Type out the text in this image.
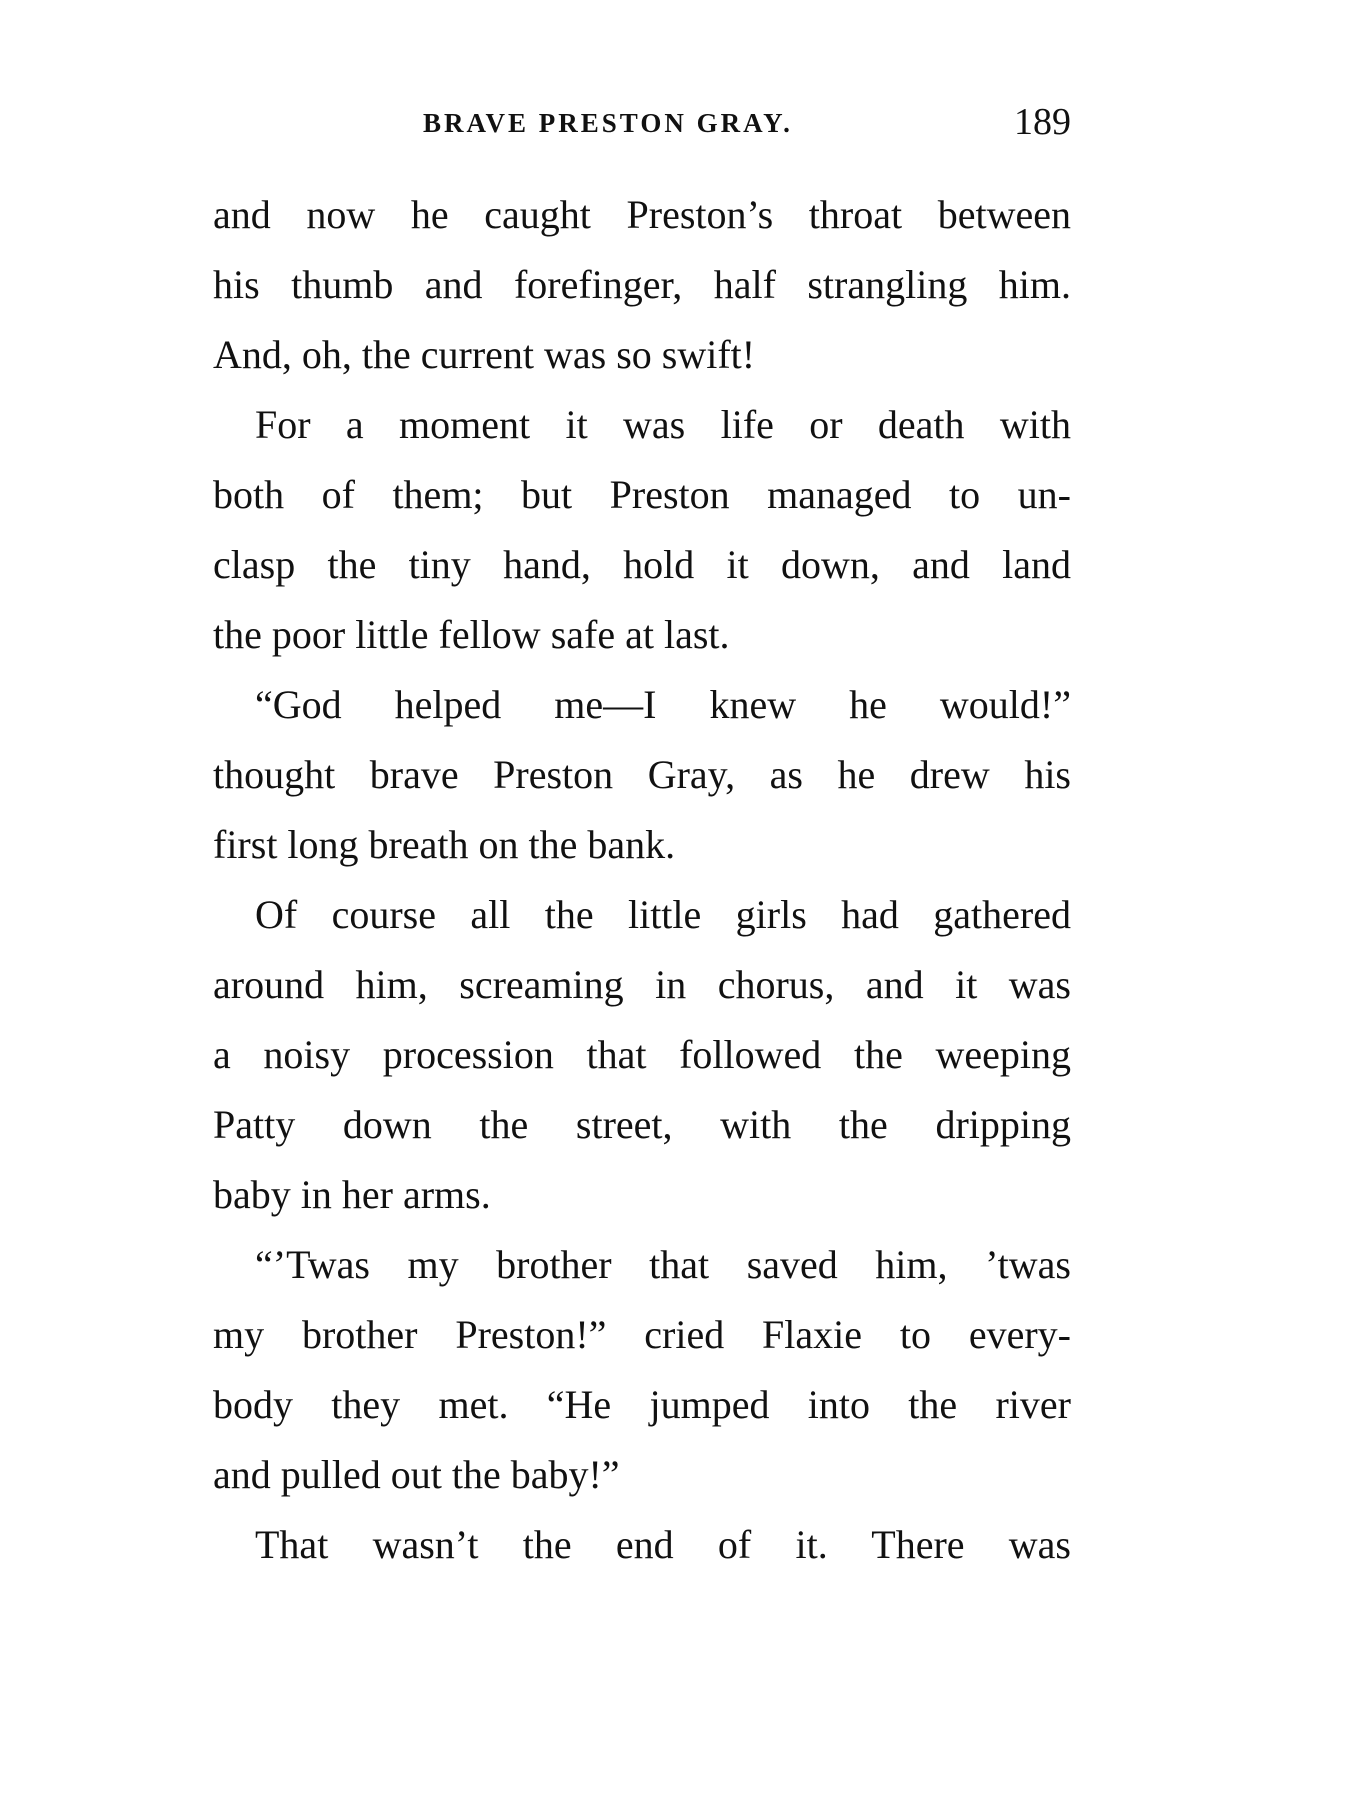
BRAVE PRESTON GRAY.	189
and now he caught Preston’s throat between
his thumb and forefinger, half strangling him.
And, oh, the current was so swift!
For a moment it was life or death with
both of them; but Preston managed to un-
clasp the tiny hand, hold it down, and land
the poor little fellow safe at last.
“God helped me—I knew he would!”
thought brave Preston Gray, as he drew his
first long breath on the bank.
Of course all the little girls had gathered
around him, screaming in chorus, and it was
a noisy procession that followed the weeping
Patty down the street, with the dripping
baby in her arms.
“’Twas my brother that saved him, ’twas
my brother Preston!” cried Flaxie to every-
body they met. “He jumped into the river
and pulled out the baby!”
That wasn’t the end of it. There was
